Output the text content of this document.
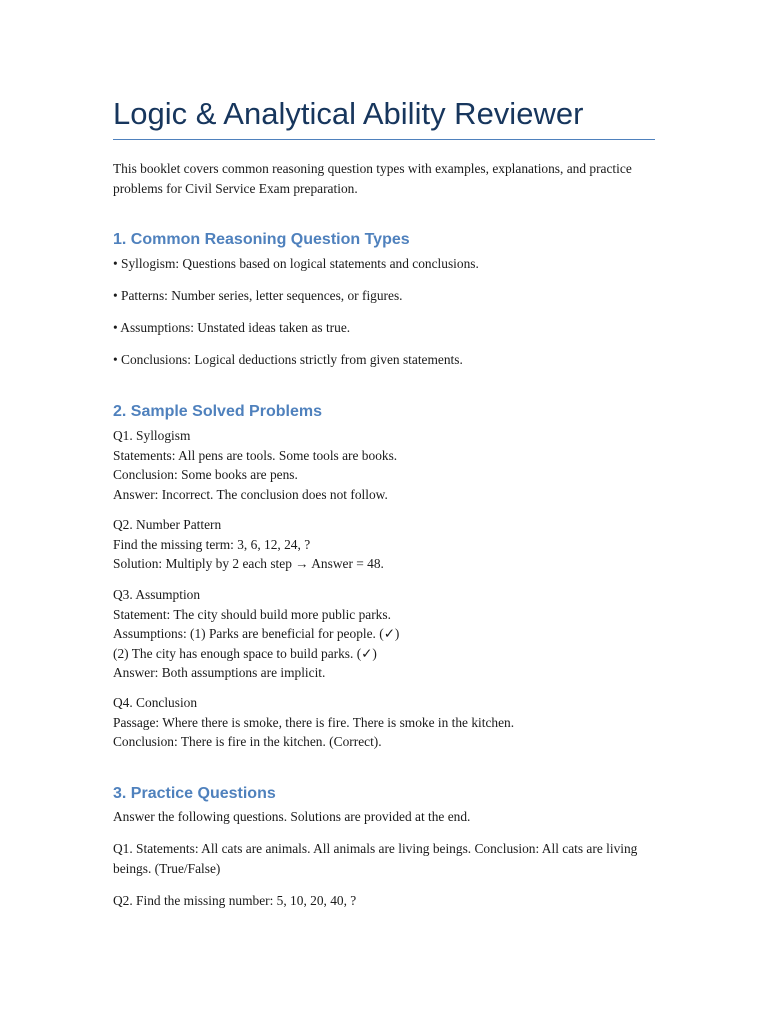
Logic & Analytical Ability Reviewer

This booklet covers common reasoning question types with examples, explanations, and practice problems for Civil Service Exam preparation.

1. Common Reasoning Question Types

• Syllogism: Questions based on logical statements and conclusions.

• Patterns: Number series, letter sequences, or figures.

• Assumptions: Unstated ideas taken as true.

• Conclusions: Logical deductions strictly from given statements.

2. Sample Solved Problems
Q1. Syllogism
Statements: All pens are tools. Some tools are books.
Conclusion: Some books are pens.
Answer: Incorrect. The conclusion does not follow.
Q2. Number Pattern
Find the missing term: 3, 6, 12, 24, ?
Solution: Multiply by 2 each step → Answer = 48.
Q3. Assumption
Statement: The city should build more public parks.
Assumptions: (1) Parks are beneficial for people. (✓)
(2) The city has enough space to build parks. (✓)
Answer: Both assumptions are implicit.
Q4. Conclusion
Passage: Where there is smoke, there is fire. There is smoke in the kitchen.
Conclusion: There is fire in the kitchen. (Correct).
3. Practice Questions

Answer the following questions. Solutions are provided at the end.

Q1. Statements: All cats are animals. All animals are living beings. Conclusion: All cats are living beings. (True/False)

Q2. Find the missing number: 5, 10, 20, 40, ?
